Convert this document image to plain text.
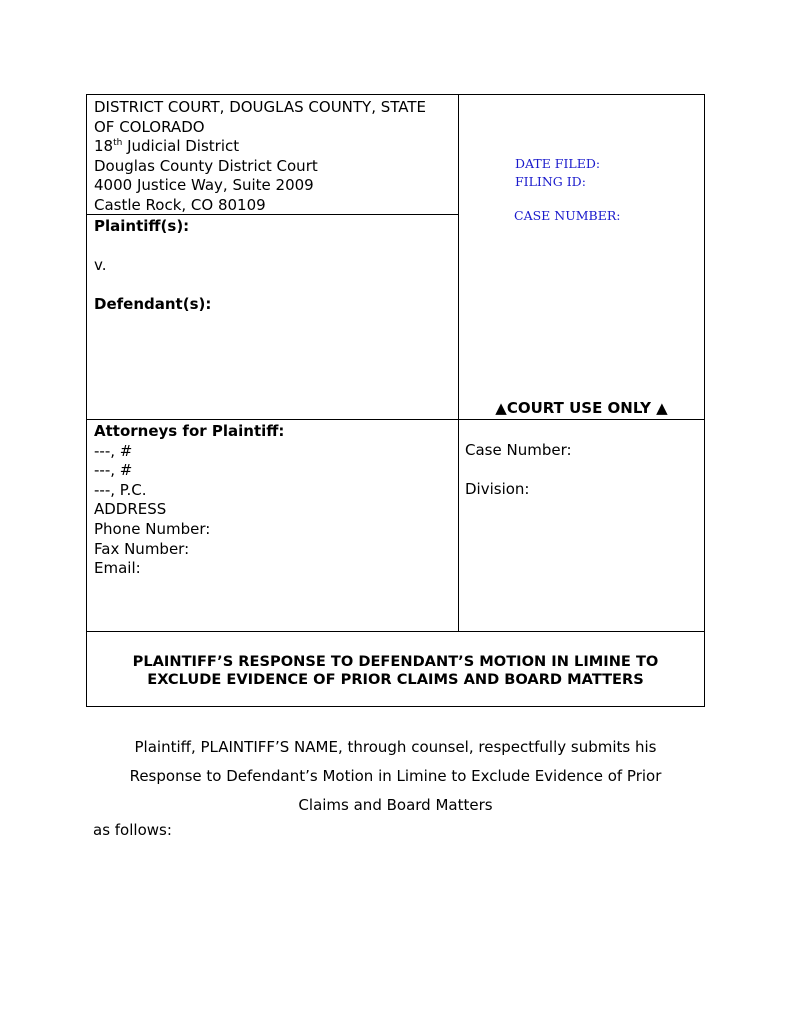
DISTRICT COURT, DOUGLAS COUNTY, STATE
OF COLORADO
18th Judicial District
Douglas County District Court
4000 Justice Way, Suite 2009
Castle Rock, CO 80109
Plaintiff(s):
v.
Defendant(s):
DATE FILED:
FILING ID:
CASE NUMBER:
▲COURT USE ONLY ▲
Attorneys for Plaintiff:
---, #
---, #
---, P.C.
ADDRESS
Phone Number:
Fax Number:
Email:
Case Number:
Division:
PLAINTIFF’S RESPONSE TO DEFENDANT’S MOTION IN LIMINE TO
EXCLUDE EVIDENCE OF PRIOR CLAIMS AND BOARD MATTERS
Plaintiff, PLAINTIFF’S NAME, through counsel, respectfully submits his
Response to Defendant’s Motion in Limine to Exclude Evidence of Prior
Claims and Board Matters
as follows:
